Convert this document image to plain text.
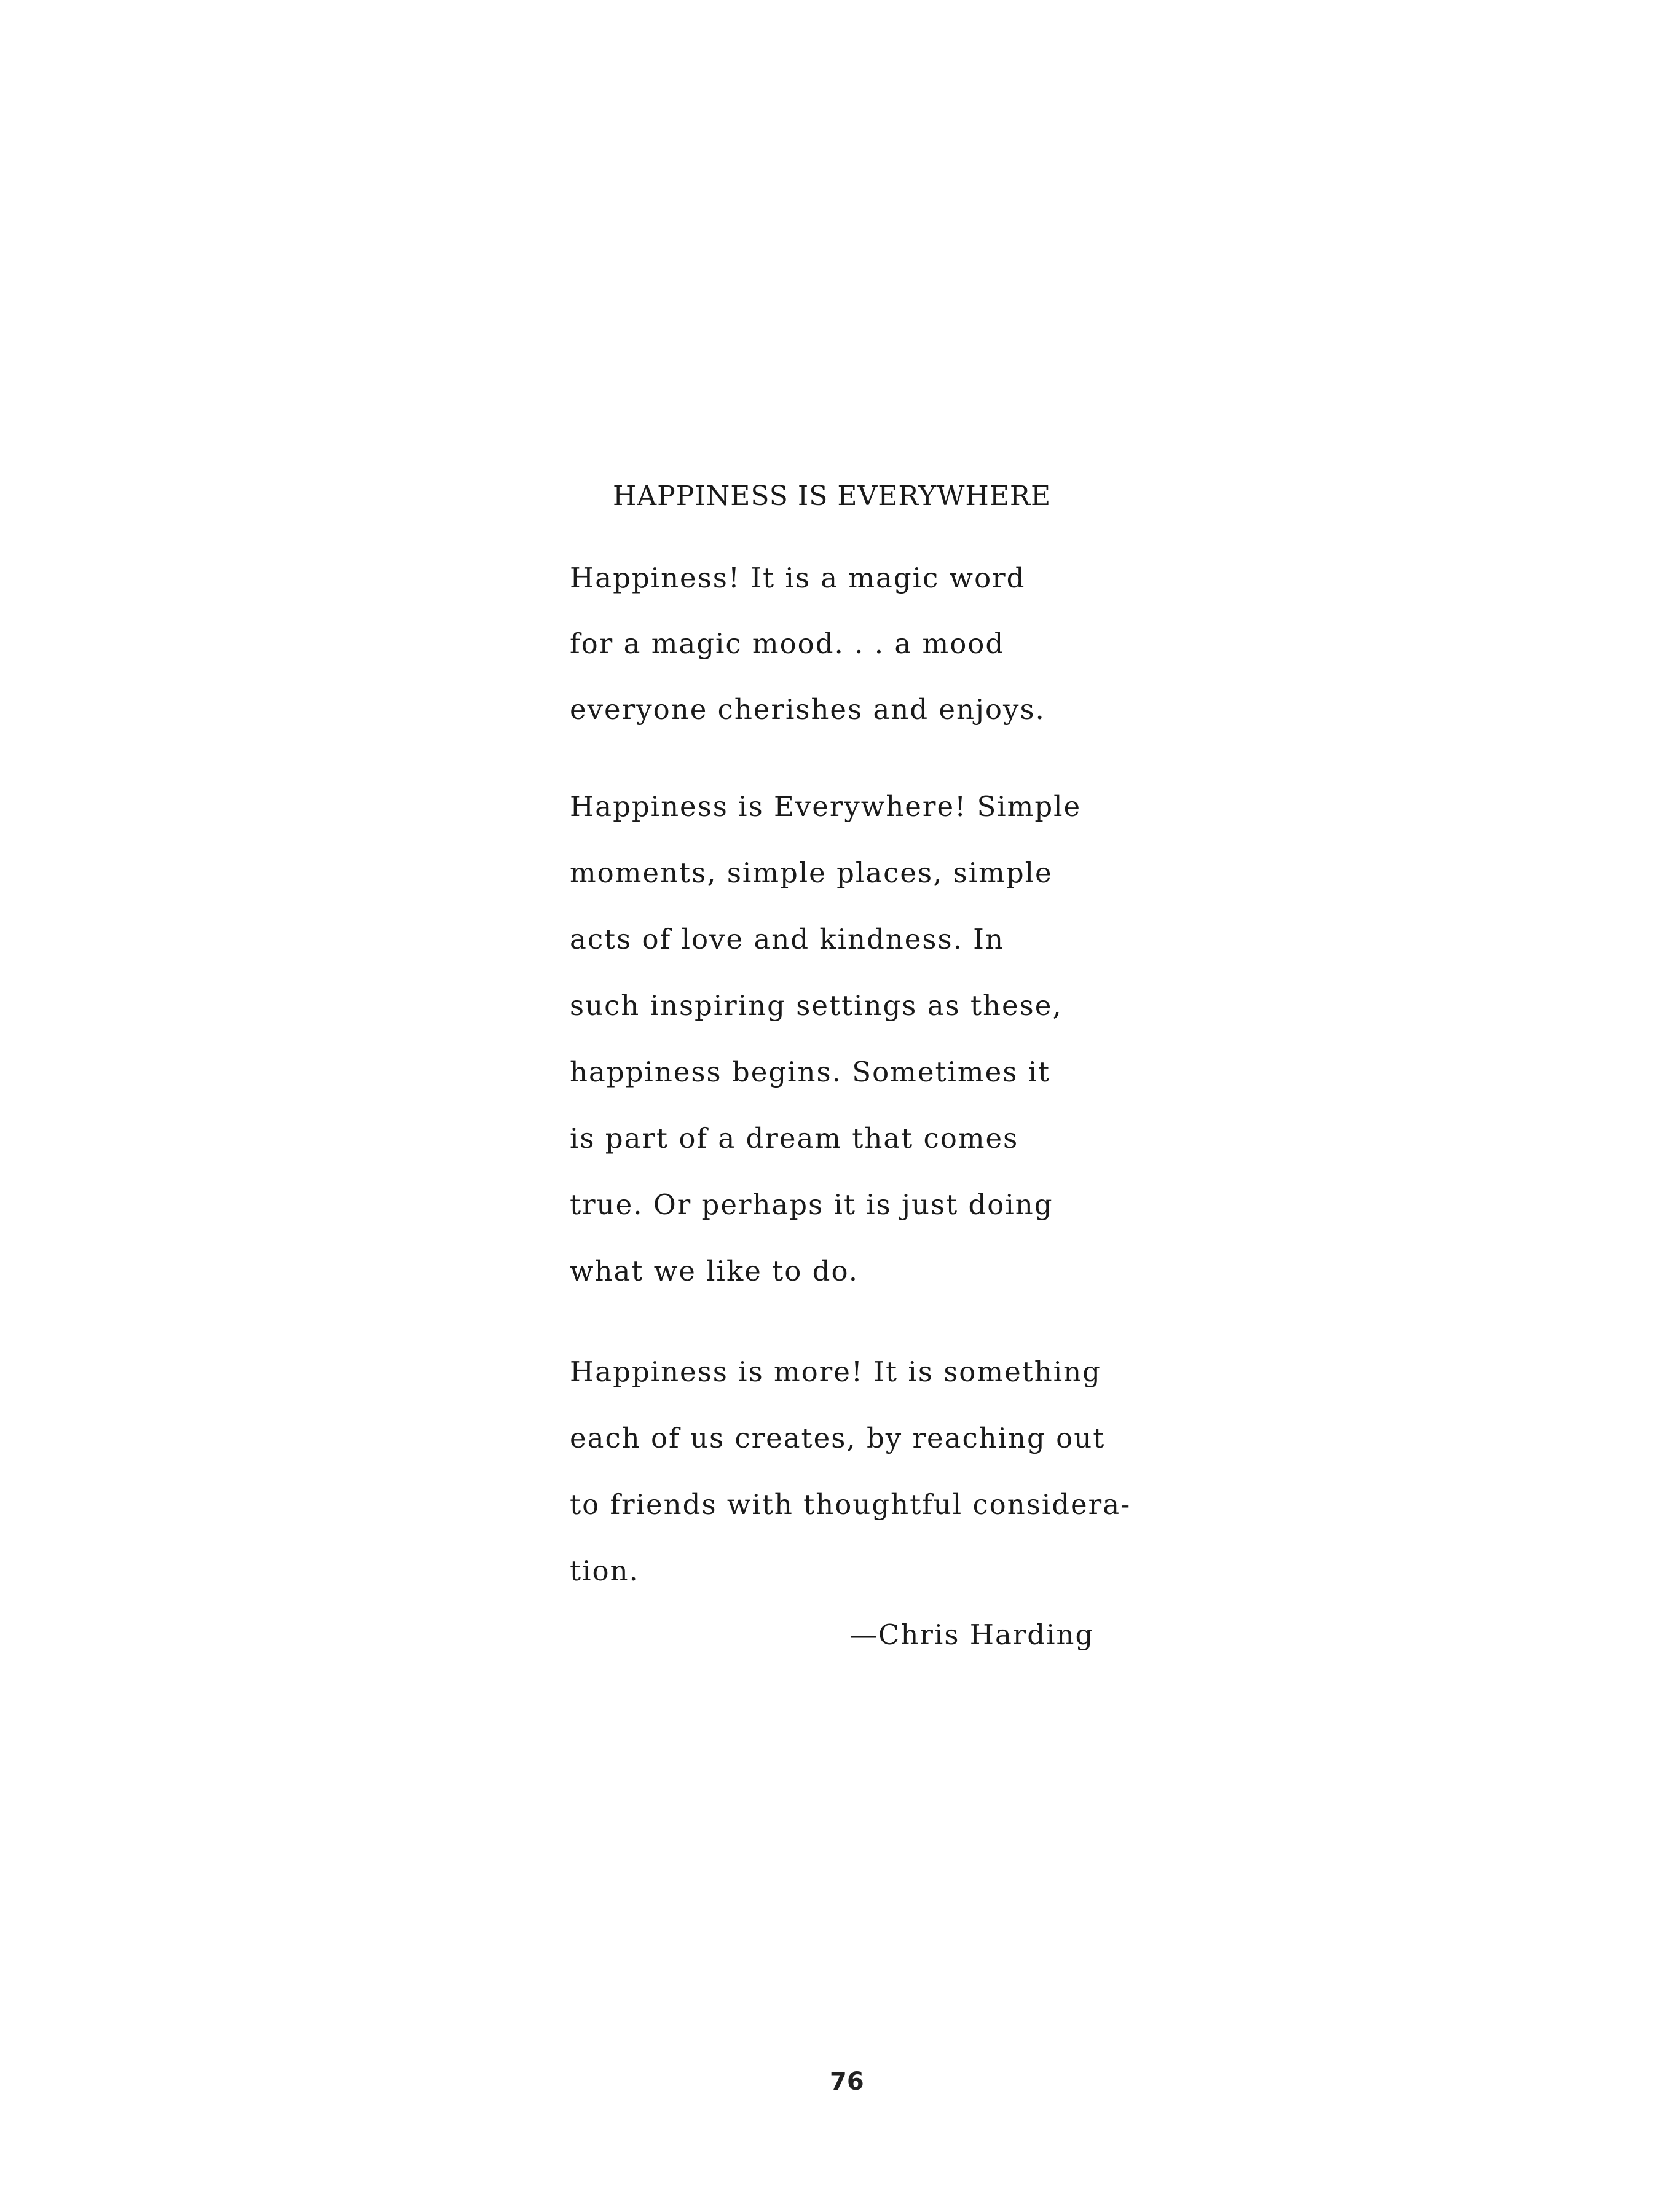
HAPPINESS IS EVERYWHERE
Happiness! It is a magic word
for a magic mood. . . a mood
everyone cherishes and enjoys.
Happiness is Everywhere! Simple
moments, simple places, simple
acts of love and kindness. In
such inspiring settings as these,
happiness begins. Sometimes it
is part of a dream that comes
true. Or perhaps it is just doing
what we like to do.
Happiness is more! It is something
each of us creates, by reaching out
to friends with thoughtful considera-
tion.
—Chris Harding
76
